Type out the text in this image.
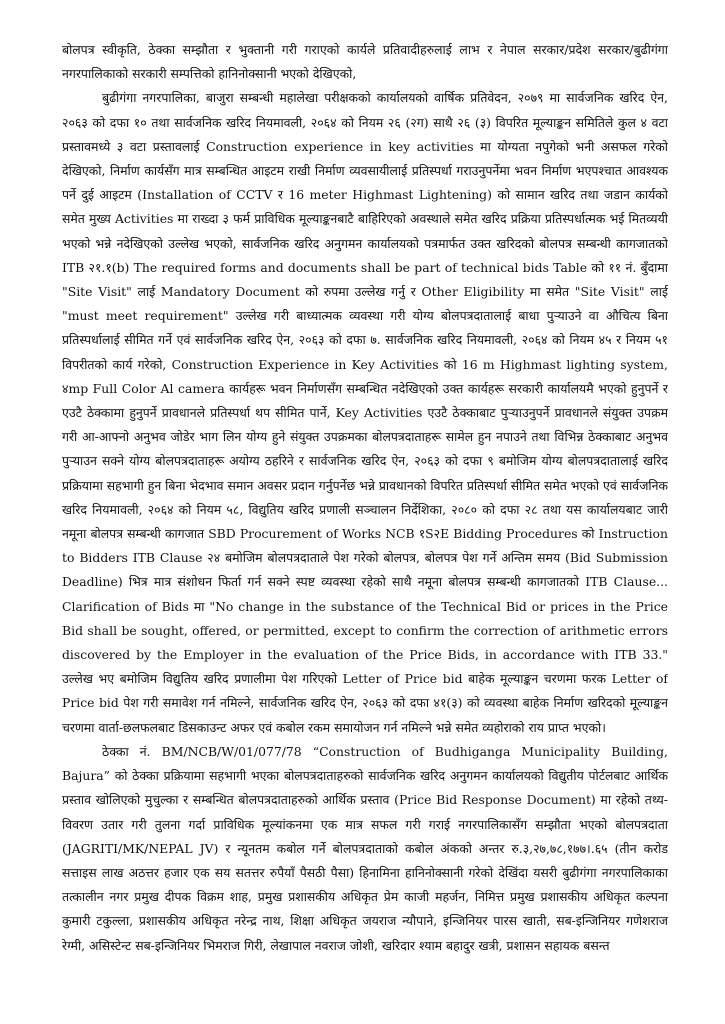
बोलपत्र स्वीकृति, ठेक्का सम्झौता र भुक्तानी गरी गराएको कार्यले प्रतिवादीहरुलाई लाभ र नेपाल सरकार/प्रदेश सरकार/बुढीगंगा नगरपालिकाको सरकारी सम्पत्तिको हानिनोक्सानी भएको देखिएको,

बुढीगंगा नगरपालिका, बाजुरा सम्बन्धी महालेखा परीक्षकको कार्यालयको वार्षिक प्रतिवेदन, २०७९ मा सार्वजनिक खरिद ऐन, २०६३ को दफा १० तथा सार्वजनिक खरिद नियमावली, २०६४ को नियम २६ (२ग) साथै २६ (३) विपरित मूल्याङ्कन समितिले कुल ४ वटा प्रस्तावमध्ये ३ वटा प्रस्तावलाई Construction experience in key activities मा योग्यता नपुगेको भनी असफल गरेको देखिएको, निर्माण कार्यसँग मात्र सम्बन्धित आइटम राखी निर्माण व्यवसायीलाई प्रतिस्पर्धा गराउनुपर्नेमा भवन निर्माण भएपश्चात आवश्यक पर्ने दुई आइटम (Installation of CCTV र 16 meter Highmast Lightening) को सामान खरिद तथा जडान कार्यको समेत मुख्य Activities मा राख्दा ३ फर्म प्राविधिक मूल्याङ्कनबाटै बाहिरिएको अवस्थाले समेत खरिद प्रक्रिया प्रतिस्पर्धात्मक भई मितव्ययी भएको भन्ने नदेखिएको उल्लेख भएको, सार्वजनिक खरिद अनुगमन कार्यालयको पत्रमार्फत उक्त खरिदको बोलपत्र सम्बन्धी कागजातको ITB २१.१(b) The required forms and documents shall be part of technical bids Table को ११ नं. बुँदामा "Site Visit" लाई Mandatory Document को रुपमा उल्लेख गर्नु र Other Eligibility मा समेत "Site Visit" लाई "must meet requirement" उल्लेख गरी बाध्यात्मक व्यवस्था गरी योग्य बोलपत्रदातालाई बाधा पुऱ्याउने वा औचित्य बिना प्रतिस्पर्धालाई सीमित गर्ने एवं सार्वजनिक खरिद ऐन, २०६३ को दफा ७. सार्वजनिक खरिद नियमावली, २०६४ को नियम ४५ र नियम ५१ विपरीतको कार्य गरेको, Construction Experience in Key Activities को 16 m Highmast lighting system, ४mp Full Color Al camera कार्यहरू भवन निर्माणसँग सम्बन्धित नदेखिएको उक्त कार्यहरू सरकारी कार्यालयमै भएको हुनुपर्ने र एउटै ठेक्कामा हुनुपर्ने प्रावधानले प्रतिस्पर्धा थप सीमित पार्ने, Key Activities एउटै ठेक्काबाट पुऱ्याउनुपर्ने प्रावधानले संयुक्त उपक्रम गरी आ-आफ्नो अनुभव जोडेर भाग लिन योग्य हुने संयुक्त उपक्रमका बोलपत्रदाताहरू सामेल हुन नपाउने तथा विभिन्न ठेक्काबाट अनुभव पुऱ्याउन सक्ने योग्य बोलपत्रदाताहरू अयोग्य ठहरिने र सार्वजनिक खरिद ऐन, २०६३ को दफा ९ बमोजिम योग्य बोलपत्रदातालाई खरिद प्रक्रियामा सहभागी हुन बिना भेदभाव समान अवसर प्रदान गर्नुपर्नेछ भन्ने प्रावधानको विपरित प्रतिस्पर्धा सीमित समेत भएको एवं सार्वजनिक खरिद नियमावली, २०६४ को नियम ५८, विद्युतिय खरिद प्रणाली सञ्चालन निर्देशिका, २०८० को दफा २८ तथा यस कार्यालयबाट जारी नमूना बोलपत्र सम्बन्धी कागजात SBD Procurement of Works NCB १S२E Bidding Procedures को Instruction to Bidders ITB Clause २४ बमोजिम बोलपत्रदाताले पेश गरेको बोलपत्र, बोलपत्र पेश गर्ने अन्तिम समय (Bid Submission Deadline) भित्र मात्र संशोधन फिर्ता गर्न सक्ने स्पष्ट व्यवस्था रहेको साथै नमूना बोलपत्र सम्बन्धी कागजातको ITB Clause... Clarification of Bids मा "No change in the substance of the Technical Bid or prices in the Price Bid shall be sought, offered, or permitted, except to confirm the correction of arithmetic errors discovered by the Employer in the evaluation of the Price Bids, in accordance with ITB 33." उल्लेख भए बमोजिम विद्युतिय खरिद प्रणालीमा पेश गरिएको Letter of Price bid बाहेक मूल्याङ्कन चरणमा फरक Letter of Price bid पेश गरी समावेश गर्न नमिल्ने, सार्वजनिक खरिद ऐन, २०६३ को दफा ४१(३) को व्यवस्था बाहेक निर्माण खरिदको मूल्याङ्कन चरणमा वार्ता-छलफलबाट डिसकाउन्ट अफर एवं कबोल रकम समायोजन गर्न नमिल्ने भन्ने समेत व्यहोराको राय प्राप्त भएको।

ठेक्का नं. BM/NCB/W/01/077/78 “Construction of Budhiganga Municipality Building, Bajura” को ठेक्का प्रक्रियामा सहभागी भएका बोलपत्रदाताहरुको सार्वजनिक खरिद अनुगमन कार्यालयको विद्युतीय पोर्टलबाट आर्थिक प्रस्ताव खोलिएको मुचुल्का र सम्बन्धित बोलपत्रदाताहरुको आर्थिक प्रस्ताव (Price Bid Response Document) मा रहेको तथ्य-विवरण उतार गरी तुलना गर्दा प्राविधिक मूल्यांकनमा एक मात्र सफल गरी गराई नगरपालिकासँग सम्झौता भएको बोलपत्रदाता (JAGRITI/MK/NEPAL JV) र न्यूनतम कबोल गर्ने बोलपत्रदाताको कबोल अंकको अन्तर रु.३,२७,७८,१७७।.६५ (तीन करोड सत्ताइस लाख अठत्तर हजार एक सय सतत्तर रुपैयाँ पैसठी पैसा) हिनामिना हानिनोक्सानी गरेको देखिंदा यसरी बुढीगंगा नगरपालिकाका तत्कालीन नगर प्रमुख दीपक विक्रम शाह, प्रमुख प्रशासकीय अधिकृत प्रेम काजी महर्जन, निमित्त प्रमुख प्रशासकीय अधिकृत कल्पना कुमारी टकुल्ला, प्रशासकीय अधिकृत नरेन्द्र नाथ, शिक्षा अधिकृत जयराज न्यौपाने, इन्जिनियर पारस खाती, सब-इन्जिनियर गणेशराज रेग्मी, असिस्टेन्ट सब-इन्जिनियर भिमराज गिरी, लेखापाल नवराज जोशी, खरिदार श्याम बहादुर खत्री, प्रशासन सहायक बसन्त
